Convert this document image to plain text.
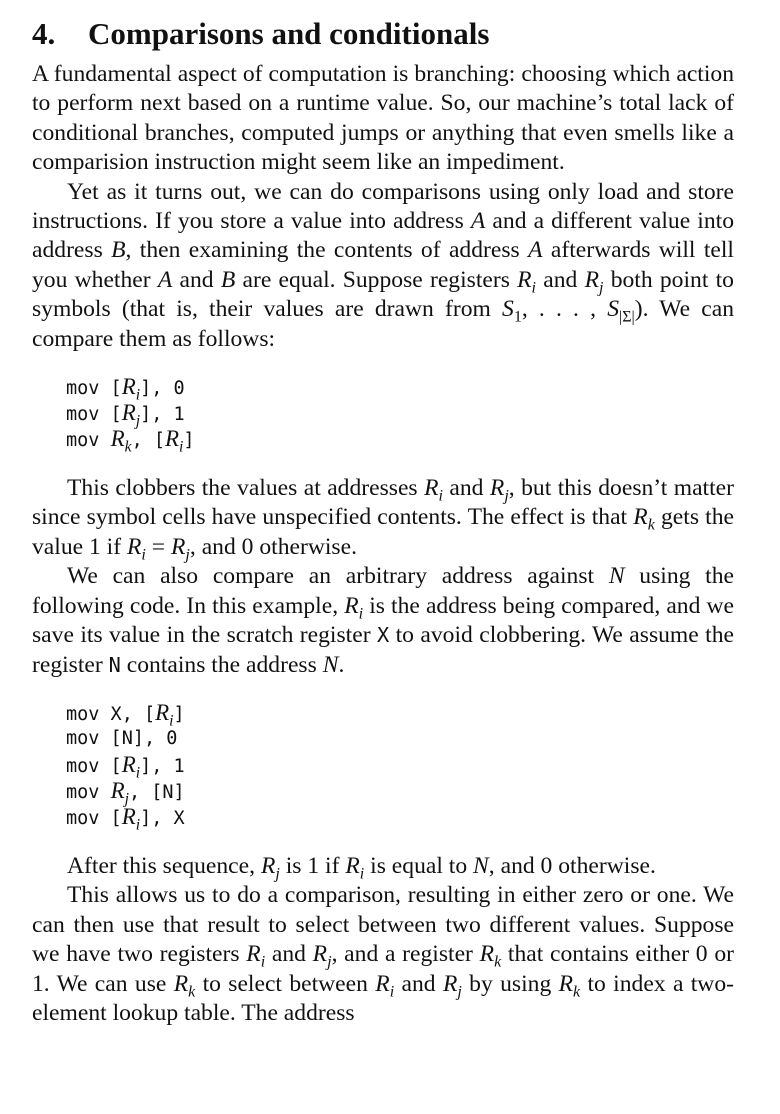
4. Comparisons and conditionals

A fundamental aspect of computation is branching: choosing which action to perform next based on a runtime value. So, our machine’s total lack of conditional branches, computed jumps or anything that even smells like a comparision instruction might seem like an impediment.

Yet as it turns out, we can do comparisons using only load and store instructions. If you store a value into address A and a different value into address B, then examining the contents of address A afterwards will tell you whether A and B are equal. Suppose registers $R_i$ and $R_j$ both point to symbols (that is, their values are drawn from $S_1$, . . . , $S_{|\Sigma|}$). We can compare them as follows:

mov $[R_i]$, 0
mov $[R_j]$, 1
mov $R_k$, $[R_i]$

This clobbers the values at addresses $R_i$ and $R_j$, but this doesn’t matter since symbol cells have unspecified contents. The effect is that $R_k$ gets the value 1 if $R_i = R_j$, and 0 otherwise.

We can also compare an arbitrary address against N using the following code. In this example, $R_i$ is the address being compared, and we save its value in the scratch register X to avoid clobbering. We assume the register N contains the address N.

mov X, $[R_i]$
mov [N], 0
mov $[R_i]$, 1
mov $R_j$, [N]
mov $[R_i]$, X

After this sequence, $R_j$ is 1 if $R_i$ is equal to N, and 0 otherwise.

This allows us to do a comparison, resulting in either zero or one. We can then use that result to select between two different values. Suppose we have two registers $R_i$ and $R_j$, and a register $R_k$ that contains either 0 or 1. We can use $R_k$ to select between $R_i$ and $R_j$ by using $R_k$ to index a two-element lookup table. The address
